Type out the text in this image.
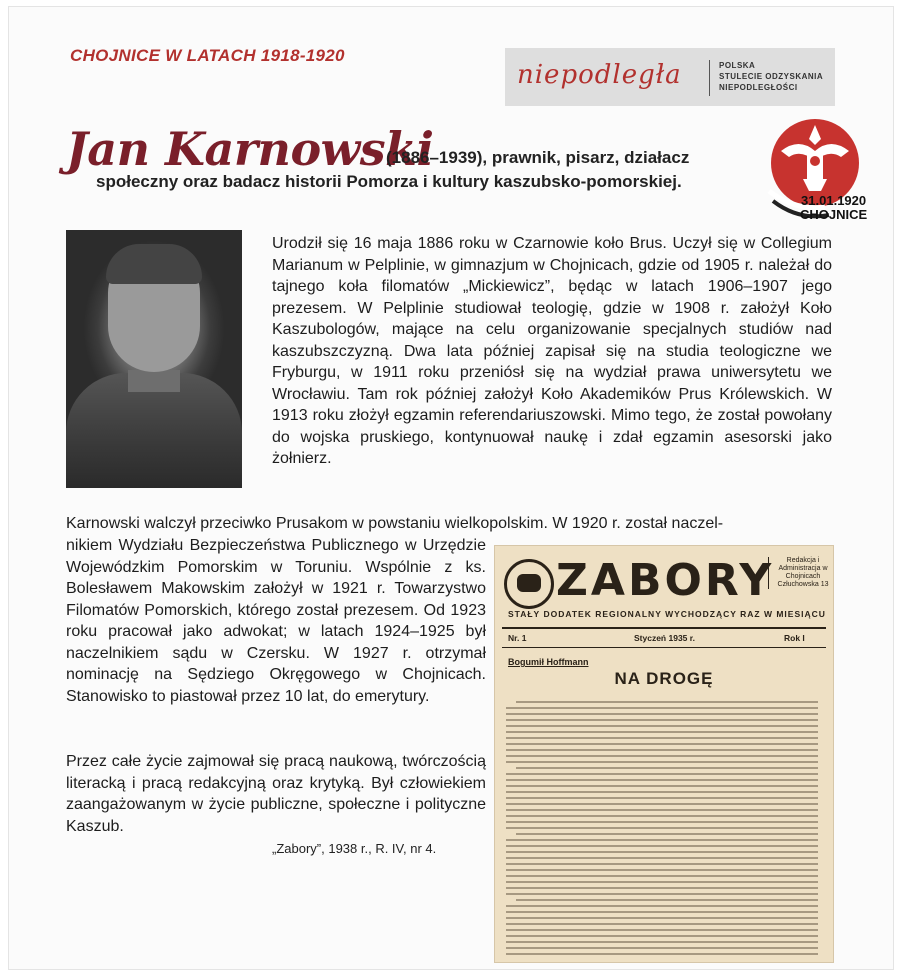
CHOJNICE W LATACH 1918-1920
niepodległa	POLSKA
STULECIE ODZYSKANIA
NIEPODLEGŁOŚCI
31.01.1920
CHOJNICE
Jan Karnowski
(1886–1939), prawnik, pisarz, działacz
społeczny oraz badacz historii Pomorza i kultury kaszubsko-pomorskiej.
Urodził się 16 maja 1886 roku w Czarnowie koło Brus. Uczył się w Collegium Marianum w Pelplinie, w gimnazjum w Chojnicach, gdzie od 1905 r. należał do tajnego koła filomatów „Mickiewicz”, będąc w latach 1906–1907 jego prezesem. W Pelplinie studiował teologię, gdzie w 1908 r. założył Koło Kaszubologów, mające na celu organizowanie specjalnych studiów nad kaszubszczyzną. Dwa lata później zapisał się na studia teologiczne we Fryburgu, w 1911 roku przeniósł się na wydział prawa uniwersytetu we Wrocławiu. Tam rok później założył Koło Akademików Prus Królewskich. W 1913 roku złożył egzamin referendariuszowski. Mimo tego, że został powołany do wojska pruskiego, kontynuował naukę i zdał egzamin asesorski jako żołnierz.
Karnowski walczył przeciwko Prusakom w powstaniu wielkopolskim. W 1920 r. został naczel-
nikiem Wydziału Bezpieczeństwa Publicznego w Urzędzie Wojewódzkim Pomorskim w Toruniu. Wspólnie z ks. Bolesławem Makowskim założył w 1921 r. Towarzystwo Filomatów Pomorskich, którego został prezesem. Od 1923 roku pracował jako adwokat; w latach 1924–1925 był naczelnikiem sądu w Czersku. W 1927 r. otrzymał nominację na Sędziego Okręgowego w Chojnicach. Stanowisko to piastował przez 10 lat, do emerytury.
Przez całe życie zajmował się pracą naukową, twórczością literacką i pracą redakcyjną oraz krytyką. Był człowiekiem zaangażowanym w życie publiczne, społeczne i polityczne Kaszub.
„Zabory”, 1938 r., R. IV, nr 4.
ZABORY	Redakcja i Administracja w Chojnicach Człuchowska 13
STAŁY DODATEK REGIONALNY WYCHODZĄCY RAZ W MIESIĄCU
Nr. 1	Styczeń 1935 r.	Rok I
Bogumił Hoffmann
NA DROGĘ
